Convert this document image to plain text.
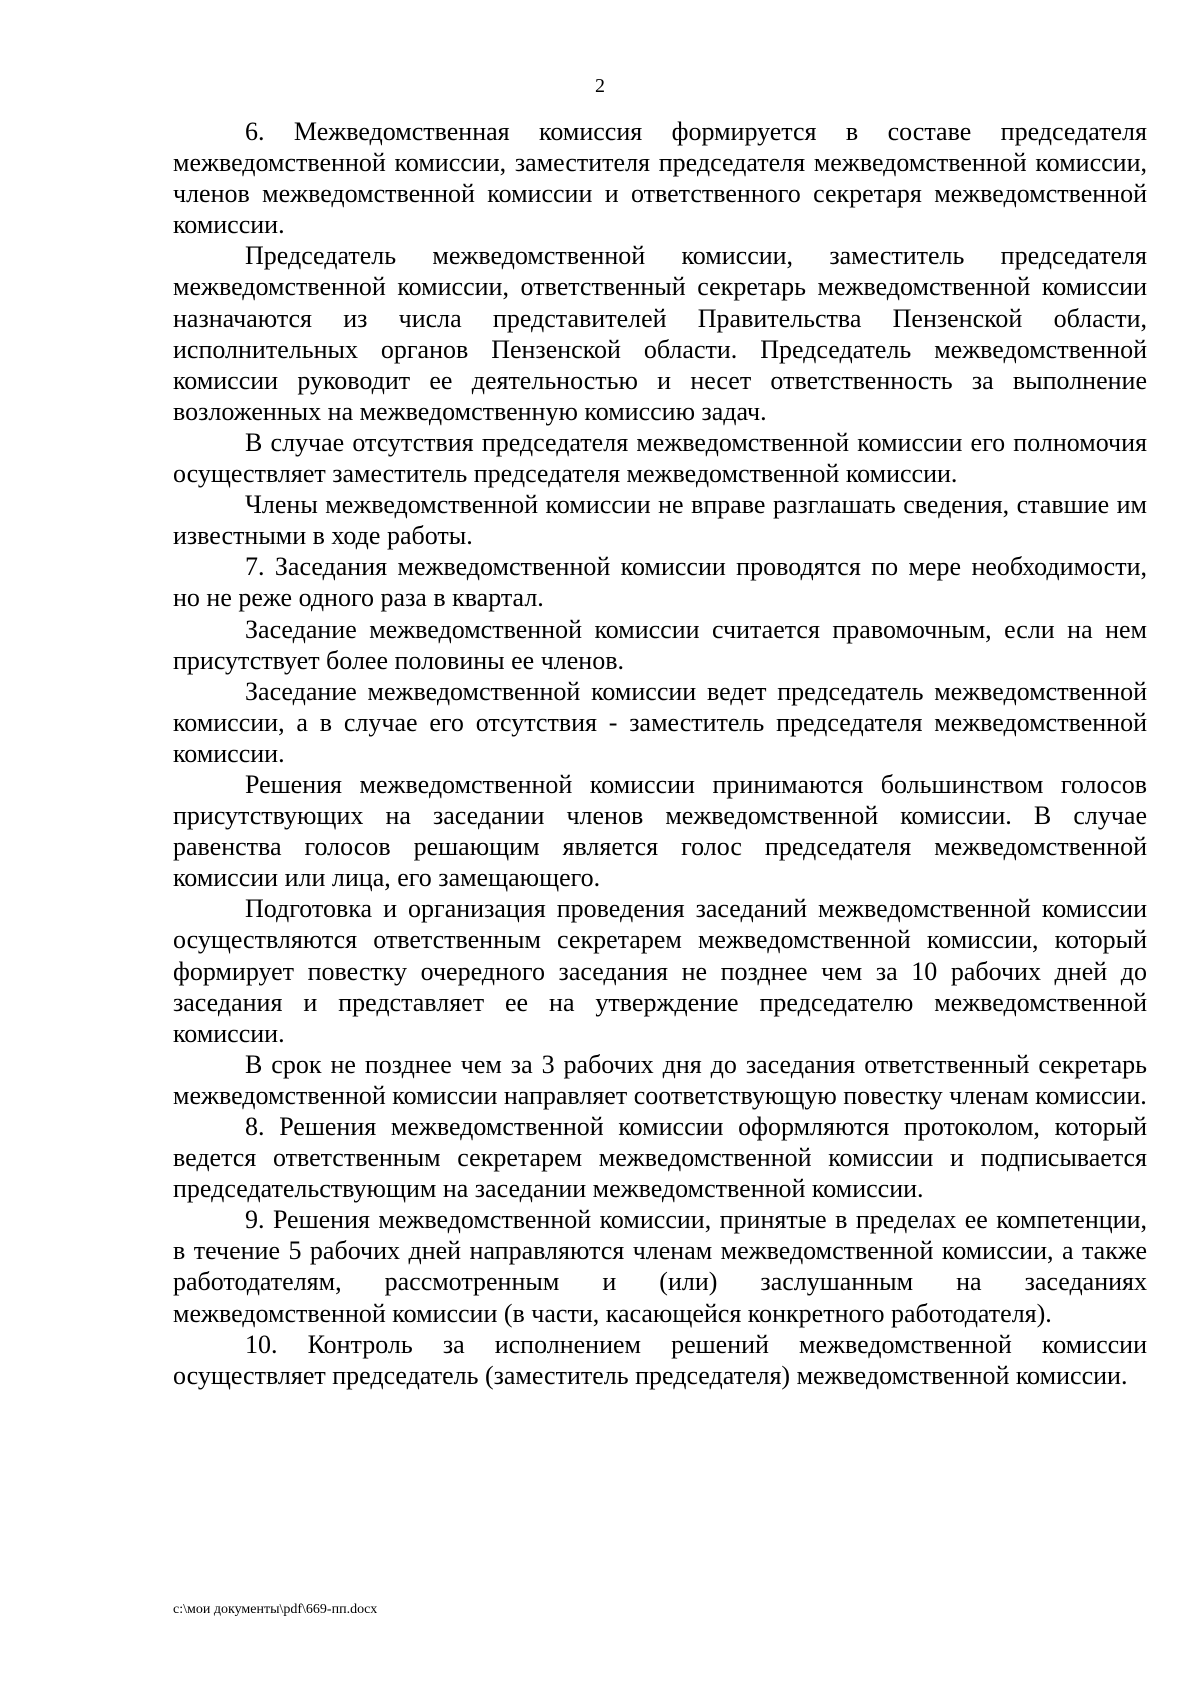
2

6. Межведомственная комиссия формируется в составе председателя межведомственной комиссии, заместителя председателя межведомственной комиссии, членов межведомственной комиссии и ответственного секретаря межведомственной комиссии.

Председатель межведомственной комиссии, заместитель председателя межведомственной комиссии, ответственный секретарь межведомственной комиссии назначаются из числа представителей Правительства Пензенской области, исполнительных органов Пензенской области. Председатель межведомственной комиссии руководит ее деятельностью и несет ответственность за выполнение возложенных на межведомственную комиссию задач.

В случае отсутствия председателя межведомственной комиссии его полномочия осуществляет заместитель председателя межведомственной комиссии.

Члены межведомственной комиссии не вправе разглашать сведения, ставшие им известными в ходе работы.

7. Заседания межведомственной комиссии проводятся по мере необходимости, но не реже одного раза в квартал.

Заседание межведомственной комиссии считается правомочным, если на нем присутствует более половины ее членов.

Заседание межведомственной комиссии ведет председатель межведомственной комиссии, а в случае его отсутствия - заместитель председателя межведомственной комиссии.

Решения межведомственной комиссии принимаются большинством голосов присутствующих на заседании членов межведомственной комиссии. В случае равенства голосов решающим является голос председателя межведомственной комиссии или лица, его замещающего.

Подготовка и организация проведения заседаний межведомственной комиссии осуществляются ответственным секретарем межведомственной комиссии, который формирует повестку очередного заседания не позднее чем за 10 рабочих дней до заседания и представляет ее на утверждение председателю межведомственной комиссии.

В срок не позднее чем за 3 рабочих дня до заседания ответственный секретарь межведомственной комиссии направляет соответствующую повестку членам комиссии.

8. Решения межведомственной комиссии оформляются протоколом, который ведется ответственным секретарем межведомственной комиссии и подписывается председательствующим на заседании межведомственной комиссии.

9. Решения межведомственной комиссии, принятые в пределах ее компетенции, в течение 5 рабочих дней направляются членам межведомственной комиссии, а также работодателям, рассмотренным и (или) заслушанным на заседаниях межведомственной комиссии (в части, касающейся конкретного работодателя).

10. Контроль за исполнением решений межведомственной комиссии осуществляет председатель (заместитель председателя) межведомственной комиссии.

c:\мои документы\pdf\669-пп.docx
